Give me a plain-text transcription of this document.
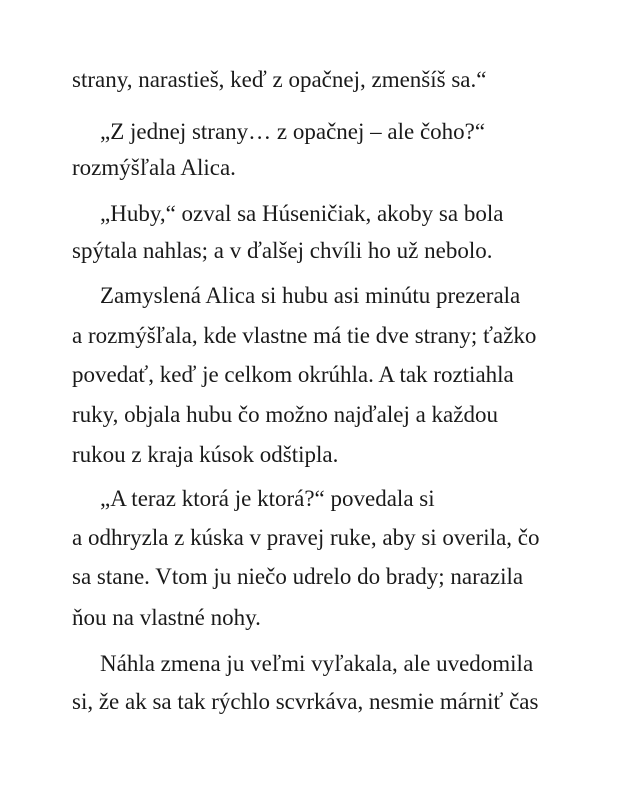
strany, narastieš, keď z opačnej, zmenšíš sa.“
„Z jednej strany… z opačnej – ale čoho?“
rozmýšľala Alica.
„Huby,“ ozval sa Húseničiak, akoby sa bola
spýtala nahlas; a v ďalšej chvíli ho už nebolo.
Zamyslená Alica si hubu asi minútu prezerala
a rozmýšľala, kde vlastne má tie dve strany; ťažko
povedať, keď je celkom okrúhla. A tak roztiahla
ruky, objala hubu čo možno najďalej a každou
rukou z kraja kúsok odštipla.
„A teraz ktorá je ktorá?“ povedala si
a odhryzla z kúska v pravej ruke, aby si overila, čo
sa stane. Vtom ju niečo udrelo do brady; narazila
ňou na vlastné nohy.
Náhla zmena ju veľmi vyľakala, ale uvedomila
si, že ak sa tak rýchlo scvrkáva, nesmie márniť čas
